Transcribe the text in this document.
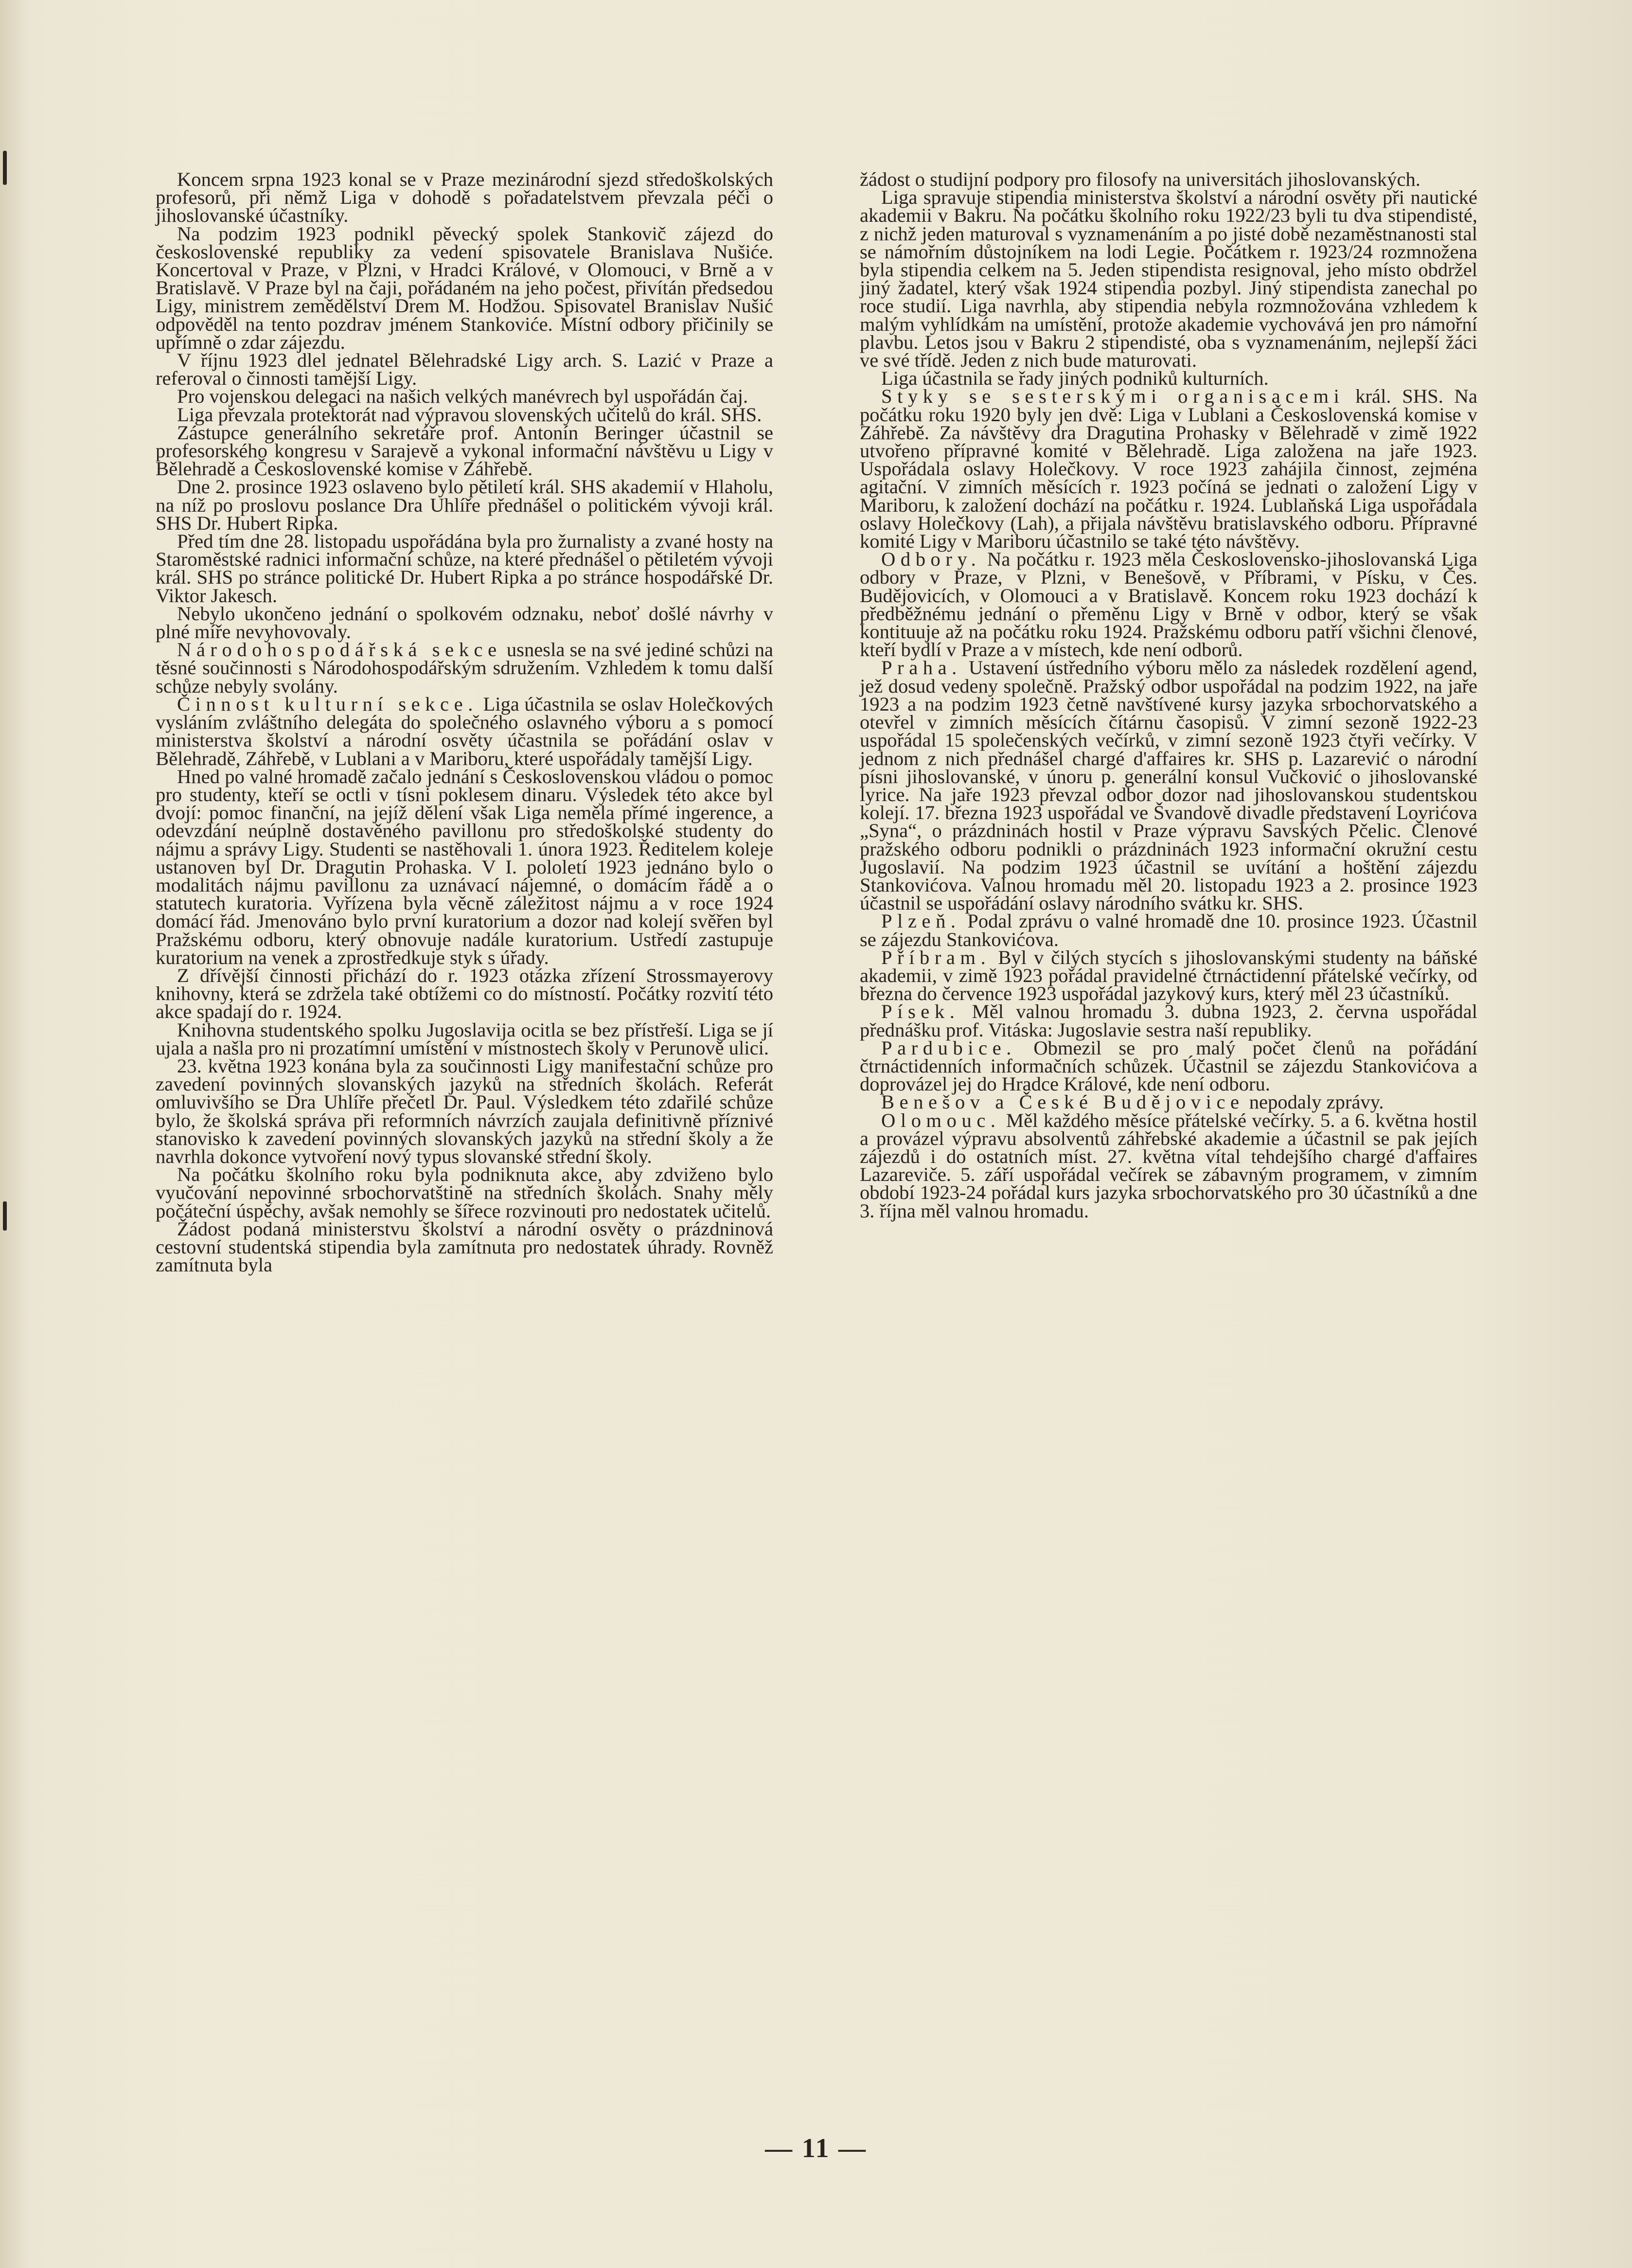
Koncem srpna 1923 konal se v Praze mezinárodní sjezd středoškolských profesorů, při němž Liga v dohodě s pořadatelstvem převzala péči o jihoslovanské účastníky.

Na podzim 1923 podnikl pěvecký spolek Stankovič zájezd do československé republiky za vedení spisovatele Branislava Nušiće. Koncertoval v Praze, v Plzni, v Hradci Králové, v Olomouci, v Brně a v Bratislavě. V Praze byl na čaji, pořádaném na jeho počest, přivítán předsedou Ligy, ministrem zemědělství Drem M. Hodžou. Spisovatel Branislav Nušić odpověděl na tento pozdrav jménem Stankoviće. Místní odbory přičinily se upřímně o zdar zájezdu.

V říjnu 1923 dlel jednatel Bělehradské Ligy arch. S. Lazić v Praze a referoval o činnosti tamější Ligy.

Pro vojenskou delegaci na našich velkých manévrech byl uspořádán čaj.

Liga převzala protektorát nad výpravou slovenských učitelů do král. SHS.

Zástupce generálního sekretáře prof. Antonín Beringer účastnil se profesorského kongresu v Sarajevě a vykonal informační návštěvu u Ligy v Bělehradě a Československé komise v Záhřebě.

Dne 2. prosince 1923 oslaveno bylo pětiletí král. SHS akademií v Hlaholu, na níž po proslovu poslance Dra Uhlíře přednášel o politickém vývoji král. SHS Dr. Hubert Ripka.

Před tím dne 28. listopadu uspořádána byla pro žurnalisty a zvané hosty na Staroměstské radnici informační schůze, na které přednášel o pětiletém vývoji král. SHS po stránce politické Dr. Hubert Ripka a po stránce hospodářské Dr. Viktor Jakesch.

Nebylo ukončeno jednání o spolkovém odznaku, neboť došlé návrhy v plné míře nevyhovovaly.

Národohospodářská sekce usnesla se na své jediné schůzi na těsné součinnosti s Národohospodářským sdružením. Vzhledem k tomu další schůze nebyly svolány.

Činnost kulturní sekce. Liga účastnila se oslav Holečkových vysláním zvláštního delegáta do společného oslavného výboru a s pomocí ministerstva školství a národní osvěty účastnila se pořádání oslav v Bělehradě, Záhřebě, v Lublani a v Mariboru, které uspořádaly tamější Ligy.

Hned po valné hromadě začalo jednání s Československou vládou o pomoc pro studenty, kteří se octli v tísni poklesem dinaru. Výsledek této akce byl dvojí: pomoc finanční, na jejíž dělení však Liga neměla přímé ingerence, a odevzdání neúplně dostavěného pavillonu pro středoškolské studenty do nájmu a správy Ligy. Studenti se nastěhovali 1. února 1923. Ředitelem koleje ustanoven byl Dr. Dragutin Prohaska. V I. pololetí 1923 jednáno bylo o modalitách nájmu pavillonu za uznávací nájemné, o domácím řádě a o statutech kuratoria. Vyřízena byla věcně záležitost nájmu a v roce 1924 domácí řád. Jmenováno bylo první kuratorium a dozor nad kolejí svěřen byl Pražskému odboru, který obnovuje nadále kuratorium. Ustředí zastupuje kuratorium na venek a zprostředkuje styk s úřady.

Z dřívější činnosti přichází do r. 1923 otázka zřízení Strossmayerovy knihovny, která se zdržela také obtížemi co do místností. Počátky rozvití této akce spadají do r. 1924.

Knihovna studentského spolku Jugoslavija ocitla se bez přístřeší. Liga se jí ujala a našla pro ni prozatímní umístění v místnostech školy v Perunově ulici.

23. května 1923 konána byla za součinnosti Ligy manifestační schůze pro zavedení povinných slovanských jazyků na středních školách. Referát omluvivšího se Dra Uhlíře přečetl Dr. Paul. Výsledkem této zdařilé schůze bylo, že školská správa při reformních návrzích zaujala definitivně příznivé stanovisko k zavedení povinných slovanských jazyků na střední školy a že navrhla dokonce vytvoření nový typus slovanské střední školy.

Na počátku školního roku byla podniknuta akce, aby zdviženo bylo vyučování nepovinné srbochorvatštině na středních školách. Snahy měly počáteční úspěchy, avšak nemohly se šířece rozvinouti pro nedostatek učitelů.

Žádost podaná ministerstvu školství a národní osvěty o prázdninová cestovní studentská stipendia byla zamítnuta pro nedostatek úhrady. Rovněž zamítnuta byla

žádost o studijní podpory pro filosofy na universitách jihoslovanských.

Liga spravuje stipendia ministerstva školství a národní osvěty při nautické akademii v Bakru. Na počátku školního roku 1922/23 byli tu dva stipendisté, z nichž jeden maturoval s vyznamenáním a po jisté době nezaměstnanosti stal se námořním důstojníkem na lodi Legie. Počátkem r. 1923/24 rozmnožena byla stipendia celkem na 5. Jeden stipendista resignoval, jeho místo obdržel jiný žadatel, který však 1924 stipendia pozbyl. Jiný stipendista zanechal po roce studií. Liga navrhla, aby stipendia nebyla rozmnožována vzhledem k malým vyhlídkám na umístění, protože akademie vychovává jen pro námořní plavbu. Letos jsou v Bakru 2 stipendisté, oba s vyznamenáním, nejlepší žáci ve své třídě. Jeden z nich bude maturovati.

Liga účastnila se řady jiných podniků kulturních.

Styky se sesterskými organisacemi král. SHS. Na počátku roku 1920 byly jen dvě: Liga v Lublani a Československá komise v Záhřebě. Za návštěvy dra Dragutina Prohasky v Bělehradě v zimě 1922 utvořeno přípravné komité v Bělehradě. Liga založena na jaře 1923. Uspořádala oslavy Holečkovy. V roce 1923 zahájila činnost, zejména agitační. V zimních měsících r. 1923 počíná se jednati o založení Ligy v Mariboru, k založení dochází na počátku r. 1924. Lublaňská Liga uspořádala oslavy Holečkovy (Lah), a přijala návštěvu bratislavského odboru. Přípravné komité Ligy v Mariboru účastnilo se také této návštěvy.

Odbory. Na počátku r. 1923 měla Československo-jihoslovanská Liga odbory v Praze, v Plzni, v Benešově, v Příbrami, v Písku, v Čes. Budějovicích, v Olomouci a v Bratislavě. Koncem roku 1923 dochází k předběžnému jednání o přeměnu Ligy v Brně v odbor, který se však kontituuje až na počátku roku 1924. Pražskému odboru patří všichni členové, kteří bydlí v Praze a v místech, kde není odborů.

Praha. Ustavení ústředního výboru mělo za následek rozdělení agend, jež dosud vedeny společně. Pražský odbor uspořádal na podzim 1922, na jaře 1923 a na podzim 1923 četně navštívené kursy jazyka srbochorvatského a otevřel v zimních měsících čítárnu časopisů. V zimní sezoně 1922-23 uspořádal 15 společenských večírků, v zimní sezoně 1923 čtyři večírky. V jednom z nich přednášel chargé d'affaires kr. SHS p. Lazarević o národní písni jihoslovanské, v únoru p. generální konsul Vučković o jihoslovanské lyrice. Na jaře 1923 převzal odbor dozor nad jihoslovanskou studentskou kolejí. 17. března 1923 uspořádal ve Švandově divadle představení Lovrićova „Syna“, o prázdninách hostil v Praze výpravu Savských Pčelic. Členové pražského odboru podnikli o prázdninách 1923 informační okružní cestu Jugoslavií. Na podzim 1923 účastnil se uvítání a hoštění zájezdu Stankovićova. Valnou hromadu měl 20. listopadu 1923 a 2. prosince 1923 účastnil se uspořádání oslavy národního svátku kr. SHS.

Plzeň. Podal zprávu o valné hromadě dne 10. prosince 1923. Účastnil se zájezdu Stankovićova.

Příbram. Byl v čilých stycích s jihoslovanskými studenty na báňské akademii, v zimě 1923 pořádal pravidelné čtrnáctidenní přátelské večírky, od března do července 1923 uspořádal jazykový kurs, který měl 23 účastníků.

Písek. Měl valnou hromadu 3. dubna 1923, 2. června uspořádal přednášku prof. Vitáska: Jugoslavie sestra naší republiky.

Pardubice. Obmezil se pro malý počet členů na pořádání čtrnáctidenních informačních schůzek. Účastnil se zájezdu Stankovićova a doprovázel jej do Hradce Králové, kde není odboru.

Benešov a České Budějovice nepodaly zprávy.

Olomouc. Měl každého měsíce přátelské večírky. 5. a 6. května hostil a provázel výpravu absolventů záhřebské akademie a účastnil se pak jejích zájezdů i do ostatních míst. 27. května vítal tehdejšího chargé d'affaires Lazareviče. 5. září uspořádal večírek se zábavným programem, v zimním období 1923-24 pořádal kurs jazyka srbochorvatského pro 30 účastníků a dne 3. října měl valnou hromadu.

— 11 —
